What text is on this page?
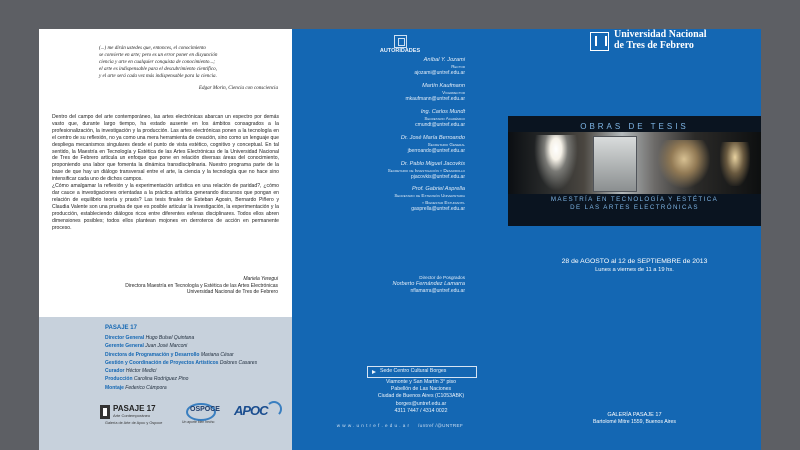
(...) me dirán ustedes que, entonces, el conocimiento
se convierte en arte; pero es un error poner en disyunción
ciencia y arte en cualquier conquista de conocimiento...;
el arte es indispensable para el descubrimiento científico,
y el arte será cada vez más indispensable para la ciencia.
Edgar Morin, Ciencia con consciencia
Dentro del campo del arte contemporáneo, las artes electrónicas abarcan un espectro por demás vasto que, durante largo tiempo, ha estado ausente en los ámbitos consagrados a la profesionalización, la investigación y la producción. Las artes electrónicas ponen a la tecnología en el centro de su reflexión, no ya como una mera herramienta de creación, sino como un lenguaje que despliega mecanismos singulares desde el punto de vista estético, cognitivo y conceptual. En tal sentido, la Maestría en Tecnología y Estética de las Artes Electrónicas de la Universidad Nacional de Tres de Febrero articula un enfoque que pone en relación diversas áreas del conocimiento, proponiendo una labor que fomenta la dinámica transdisciplinaria. Nuestro programa parte de la base de que hay un diálogo transversal entre el arte, la ciencia y la tecnología que no hace sino intensificar cada uno de dichos campos.
¿Cómo amalgamar la reflexión y la experimentación artística en una relación de paridad?, ¿cómo dar cauce a investigaciones orientadas a la práctica artística generando discursos que pongan en relación de equilibrio teoría y praxis? Las tesis finales de Esteban Agosin, Bernardo Piñero y Claudia Valente son una prueba de que es posible articular la investigación, la experimentación y la producción, estableciendo diálogos ricos entre diferentes esferas disciplinares. Todos ellos abren dimensiones posibles; todos ellos plantean mojones en derroteros de acción en permanente proceso.
Mariela Yeregui
Directora Maestría en Tecnología y Estética de las Artes Electrónicas
Universidad Nacional de Tres de Febrero
PASAJE 17
Director General Hugo Bulsel Quintana
Gerente General Juan José Marconi
Directora de Programación y Desarrollo Mariana César
Gestión y Coordinación de Proyectos Artísticos Dolores Casares
Curador Héctor Medici
Producción Carolina Rodríguez Pino
Montaje Federico Cámpora
PASAJE 17
Arte Contemporáneo
Galería de Arte de Apoc y Ospoce
OSPOCE
Un aporte bien hecho
APOC
AUTORIDADES
Aníbal Y. Jozami
Rector
ajozami@untref.edu.ar
Martín Kaufmann
Vicerrector
mkaufmann@untref.edu.ar
Ing. Carlos Mundt
Secretario Académico
cmundt@untref.edu.ar
Dr. José María Berroando
Secretario General
jberroando@untref.edu.ar
Dr. Pablo Miguel Jacovkis
Secretario de Investigación y Desarrollo
pjacovkis@untref.edu.ar
Prof. Gabriel Asprella
Secretario de Extensión Universitaria
y Bienestar Estudiantil
gasprella@untref.edu.ar
Director de Posgrados
Norberto Fernández Lamarra
nflamarra@untref.edu.ar
Sede Centro Cultural Borges
Viamonte y San Martín 3° piso
Pabellón de Las Naciones
Ciudad de Buenos Aires (C1053ABK)
borges@untref.edu.ar
4311 7447 / 4314 0022
www.untref.edu.ar /untref /@UNTREF
Universidad Nacional
de Tres de Febrero
OBRAS DE TESIS
MAESTRÍA EN TECNOLOGÍA Y ESTÉTICA
DE LAS ARTES ELECTRÓNICAS
28 de AGOSTO al 12 de SEPTIEMBRE de 2013
Lunes a viernes de 11 a 19 hs.
GALERÍA PASAJE 17
Bartolomé Mitre 1559, Buenos Aires
